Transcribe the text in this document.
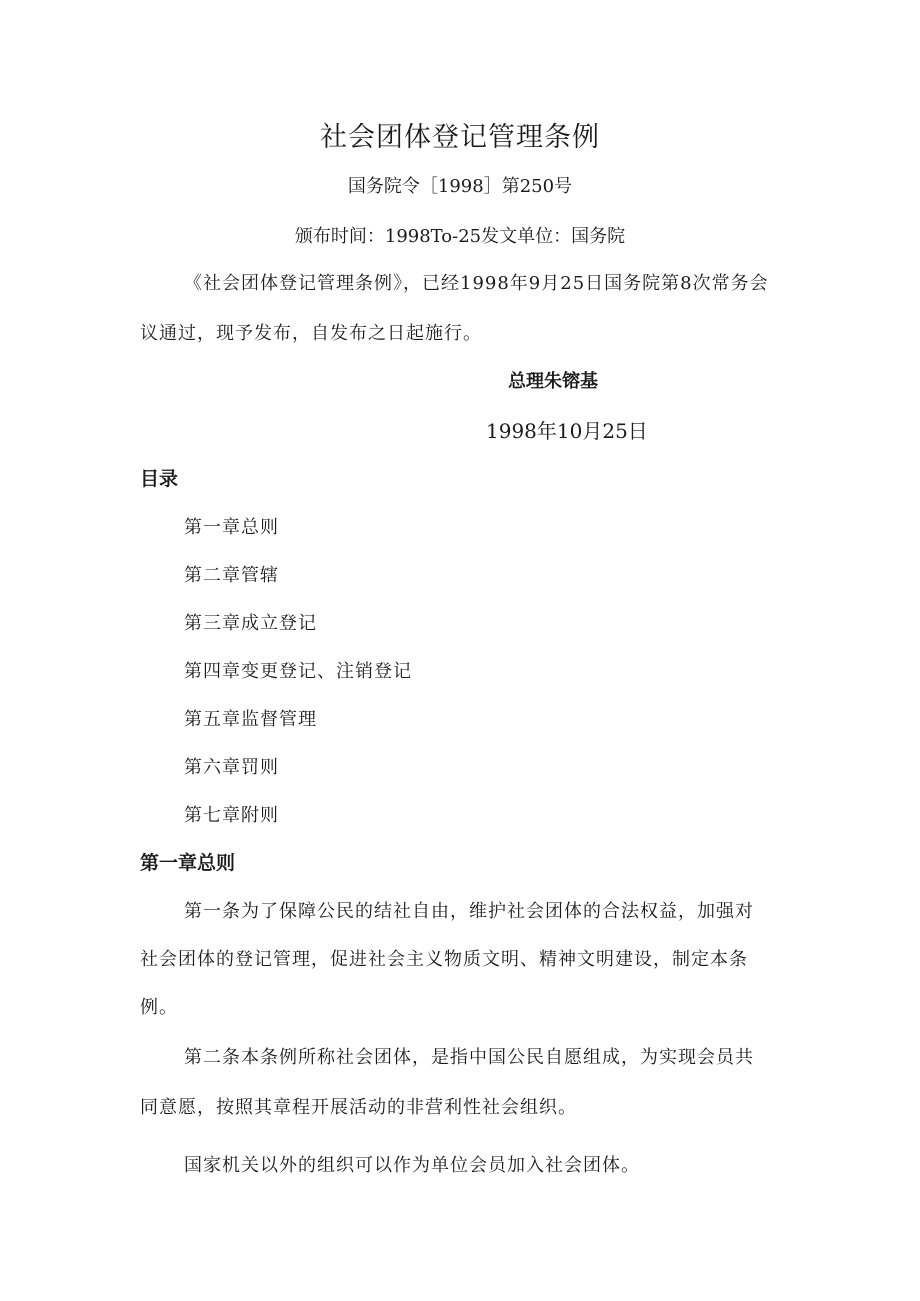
社会团体登记管理条例
国务院令［1998］第250号
颁布时间：1998To-25发文单位：国务院
《社会团体登记管理条例》，已经1998年9月25日国务院第8次常务会
议通过，现予发布，自发布之日起施行。
总理朱镕基
1998年10月25日
目录
第一章总则
第二章管辖
第三章成立登记
第四章变更登记、注销登记
第五章监督管理
第六章罚则
第七章附则
第一章总则
第一条为了保障公民的结社自由，维护社会团体的合法权益，加强对
社会团体的登记管理，促进社会主义物质文明、精神文明建设，制定本条
例。
第二条本条例所称社会团体，是指中国公民自愿组成，为实现会员共
同意愿，按照其章程开展活动的非营利性社会组织。
国家机关以外的组织可以作为单位会员加入社会团体。
